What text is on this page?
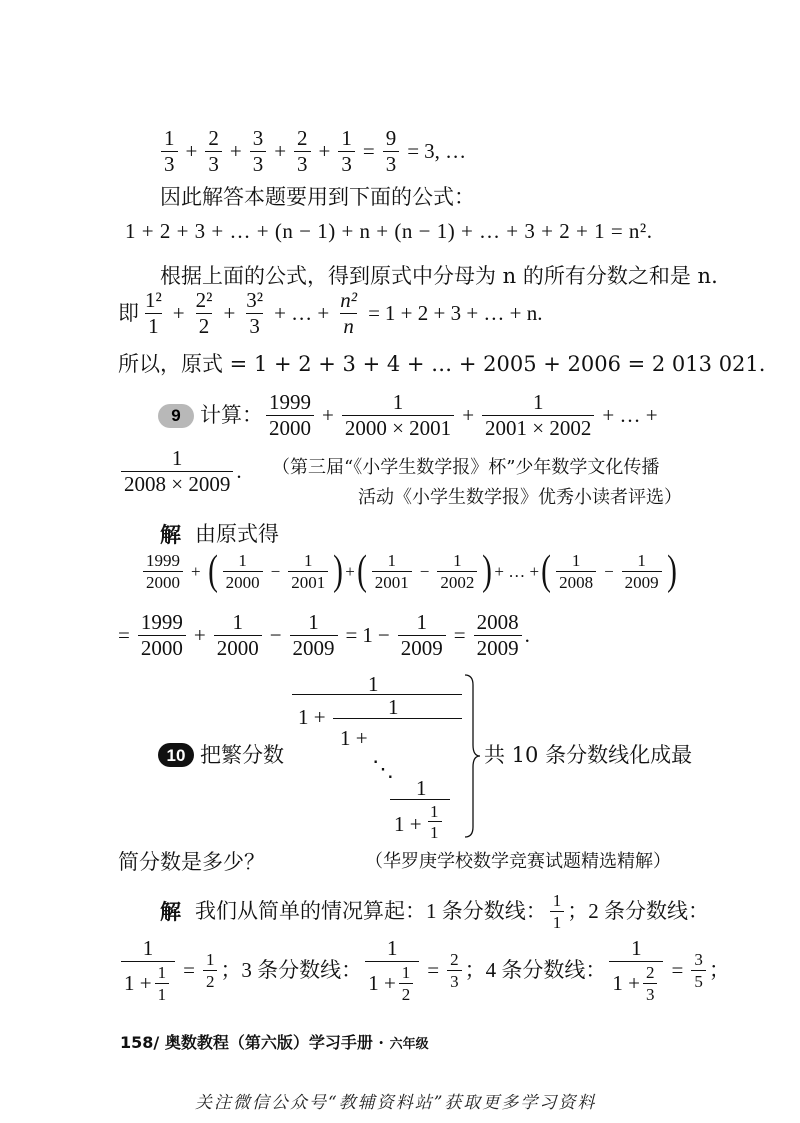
1
3
+ $\frac{2}{3} + \frac{3}{3} + \frac{2}{3} + \frac{1}{3} = \frac{9}{3} = 3$, …
因此解答本题要用到下面的公式：
1 + 2 + 3 + … + (n − 1) + n + (n − 1) + … + 3 + 2 + 1 = n².
根据上面的公式，得到原式中分母为 n 的所有分数之和是 n.
即
1²
1
+ $\frac{\text{2²}}{2} + \frac{\text{3²}}{3}$ + … + $\frac{\text{n²}}{n} = 1 + 2 + 3$ + … + n.
所以，原式 = 1 + 2 + 3 + 4 + … + 2005 + 2006 = 2 013 021.
9 计算：
1999
2000
+ $\frac{1}{2000 \times 2001} + \frac{1}{2001 \times 2002}$ + … +
1
2008 × 2009
. （第三届“《小学生数学报》杯”少年数学文化传播
活动《小学生数学报》优秀小读者评选）
解 由原式得
1999
2000
+ ( 1
2000
− $\frac{1}{2001}$ ) + ( 1
2001
− $\frac{1}{2002}$ ) + … + ( 1
2008
− $\frac{1}{2009}$ )
= $\frac{1999}{2000} + \frac{1}{2000} - \frac{1}{2009} = 1 - \frac{1}{2009} = \frac{2008}{2009}$ .
10 把繁分数
1
1 +	1
1 +
⋱
1
1 +
1
1
共 10 条分数线化成最
简分数是多少？	（华罗庚学校数学竞赛试题精选精解）
解 我们从简单的情况算起：1 条分数线： 1
1 ；2 条分数线：
$\frac{1}{1 + \frac{1}{1}} = \frac{1}{2}$ ；3 条分数线： $\frac{1}{1 + \frac{1}{2}} = \frac{2}{3}$ ；4 条分数线： $\frac{1}{1 + \frac{2}{3}} = \frac{3}{5}$ ；
158/ 奥数教程（第六版）学习手册 · 六年级
关注微信公众号“教辅资料站”获取更多学习资料
